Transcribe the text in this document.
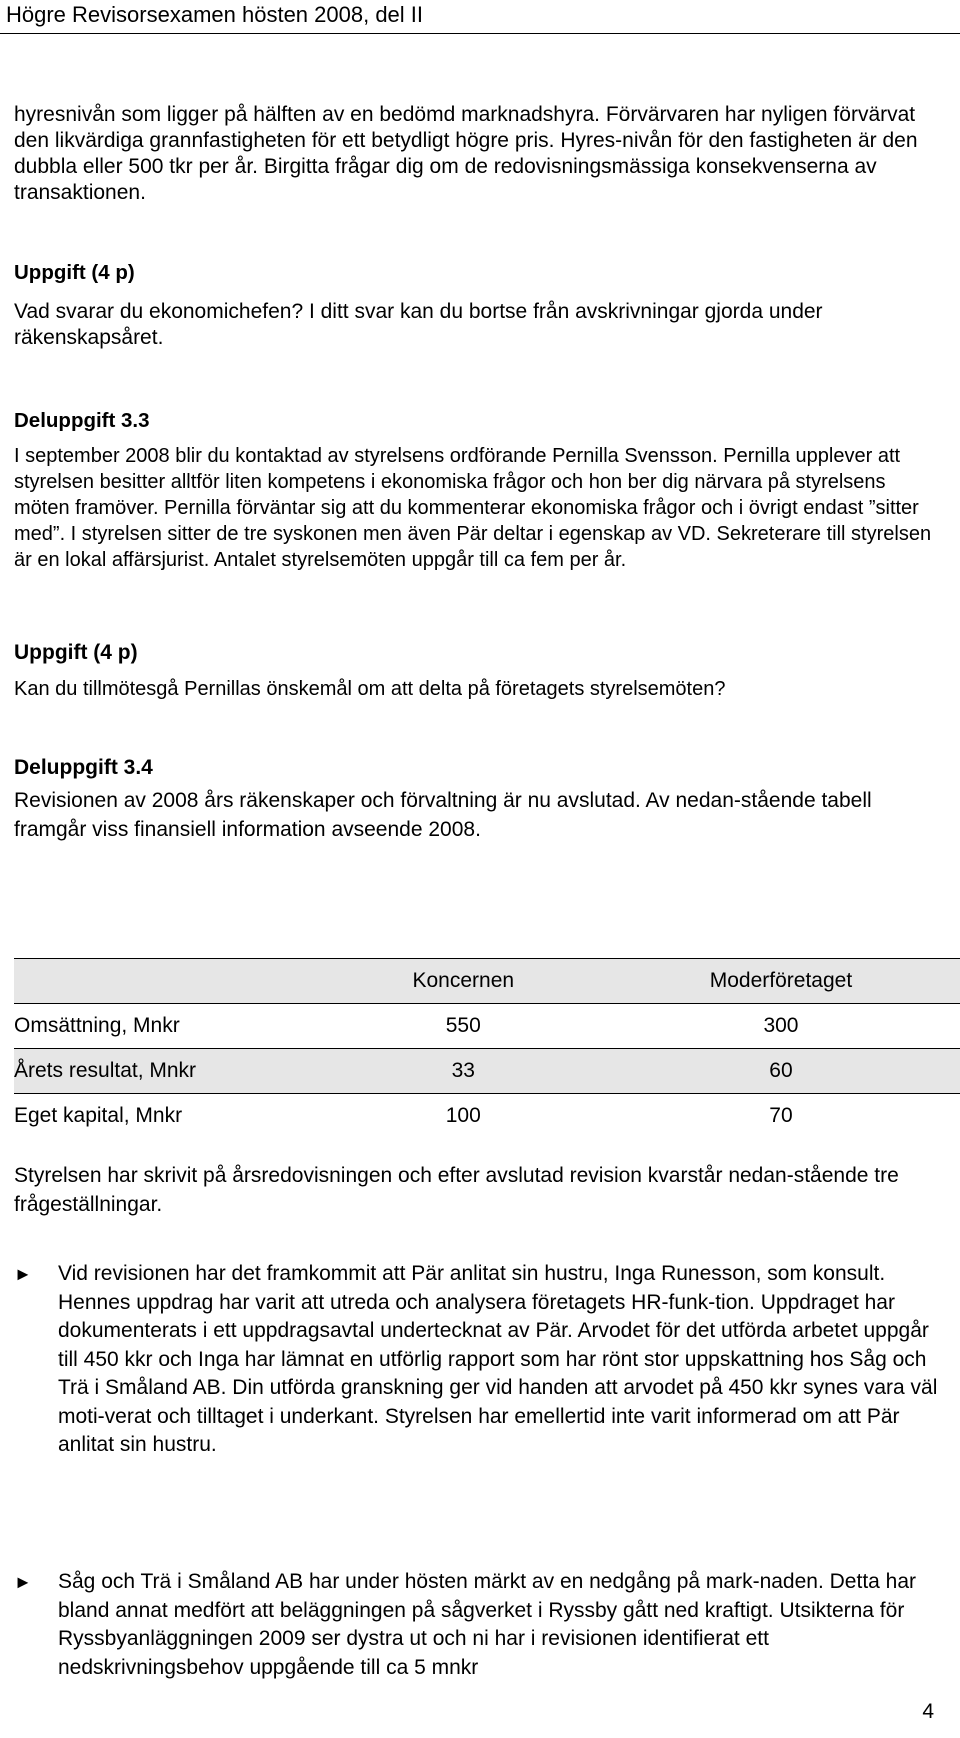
Högre Revisorsexamen hösten 2008, del II

hyresnivån som ligger på hälften av en bedömd marknadshyra. Förvärvaren har nyligen förvärvat den likvärdiga grannfastigheten för ett betydligt högre pris. Hyres-nivån för den fastigheten är den dubbla eller 500 tkr per år. Birgitta frågar dig om de redovisningsmässiga konsekvenserna av transaktionen.

Uppgift (4 p)

Vad svarar du ekonomichefen? I ditt svar kan du bortse från avskrivningar gjorda under räkenskapsåret.

Deluppgift 3.3

I september 2008 blir du kontaktad av styrelsens ordförande Pernilla Svensson. Pernilla upplever att styrelsen besitter alltför liten kompetens i ekonomiska frågor och hon ber dig närvara på styrelsens möten framöver. Pernilla förväntar sig att du kommenterar ekonomiska frågor och i övrigt endast ”sitter med”. I styrelsen sitter de tre syskonen men även Pär deltar i egenskap av VD. Sekreterare till styrelsen är en lokal affärsjurist. Antalet styrelsemöten uppgår till ca fem per år.

Uppgift (4 p)

Kan du tillmötesgå Pernillas önskemål om att delta på företagets styrelsemöten?

Deluppgift 3.4

Revisionen av 2008 års räkenskaper och förvaltning är nu avslutad. Av nedan-stående tabell framgår viss finansiell information avseende 2008.

	Koncernen	Moderföretaget
Omsättning, Mnkr	550	300
Årets resultat, Mnkr	33	60
Eget kapital, Mnkr	100	70

Styrelsen har skrivit på årsredovisningen och efter avslutad revision kvarstår nedan-stående tre frågeställningar.

► Vid revisionen har det framkommit att Pär anlitat sin hustru, Inga Runesson, som konsult. Hennes uppdrag har varit att utreda och analysera företagets HR-funk-tion. Uppdraget har dokumenterats i ett uppdragsavtal undertecknat av Pär. Arvodet för det utförda arbetet uppgår till 450 kkr och Inga har lämnat en utförlig rapport som har rönt stor uppskattning hos Såg och Trä i Småland AB. Din utförda granskning ger vid handen att arvodet på 450 kkr synes vara väl moti-verat och tilltaget i underkant. Styrelsen har emellertid inte varit informerad om att Pär anlitat sin hustru.
► Såg och Trä i Småland AB har under hösten märkt av en nedgång på mark-naden. Detta har bland annat medfört att beläggningen på sågverket i Ryssby gått ned kraftigt. Utsikterna för Ryssbyanläggningen 2009 ser dystra ut och ni har i revisionen identifierat ett nedskrivningsbehov uppgående till ca 5 mnkr
4
